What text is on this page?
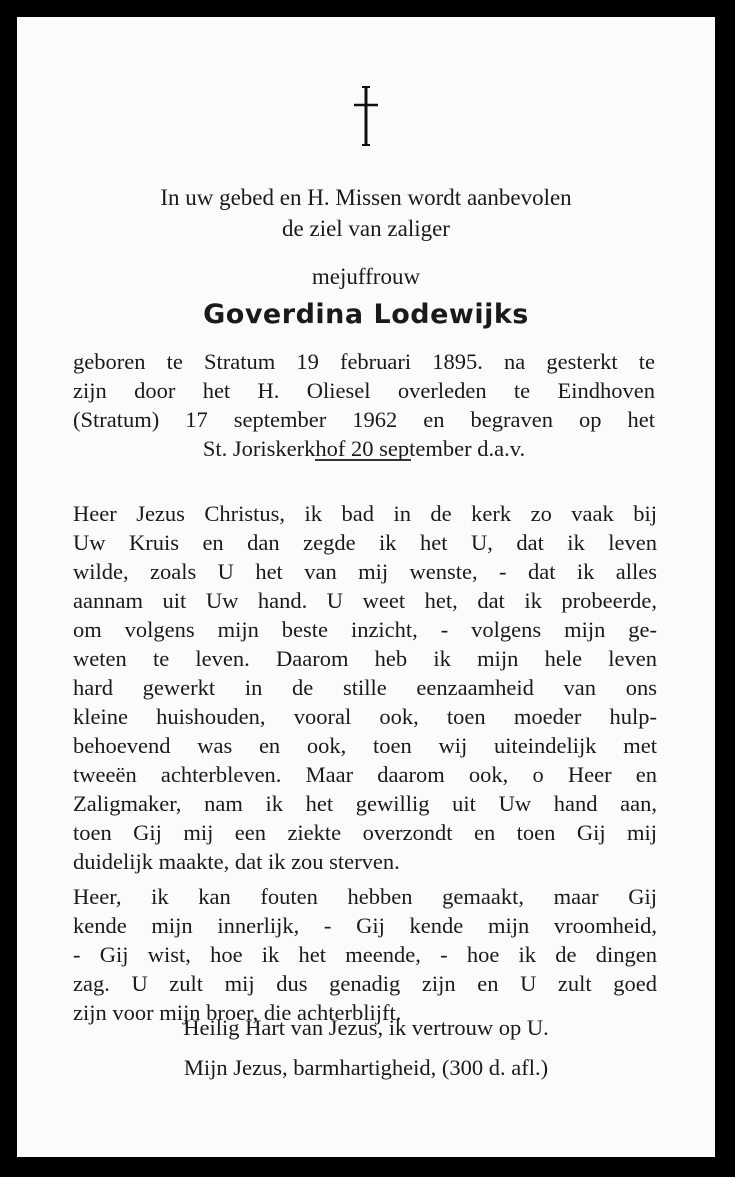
In uw gebed en H. Missen wordt aanbevolen
de ziel van zaliger
mejuffrouw
Goverdina Lodewijks
geboren te Stratum 19 februari 1895. na gesterkt te
zijn door het H. Oliesel overleden te Eindhoven
(Stratum) 17 september 1962 en begraven op het
St. Joriskerkhof 20 september d.a.v.
Heer Jezus Christus, ik bad in de kerk zo vaak bij
Uw Kruis en dan zegde ik het U, dat ik leven
wilde, zoals U het van mij wenste, - dat ik alles
aannam uit Uw hand. U weet het, dat ik probeerde,
om volgens mijn beste inzicht, - volgens mijn ge-
weten te leven. Daarom heb ik mijn hele leven
hard gewerkt in de stille eenzaamheid van ons
kleine huishouden, vooral ook, toen moeder hulp-
behoevend was en ook, toen wij uiteindelijk met
tweeën achterbleven. Maar daarom ook, o Heer en
Zaligmaker, nam ik het gewillig uit Uw hand aan,
toen Gij mij een ziekte overzondt en toen Gij mij
duidelijk maakte, dat ik zou sterven.
Heer, ik kan fouten hebben gemaakt, maar Gij
kende mijn innerlijk, - Gij kende mijn vroomheid,
- Gij wist, hoe ik het meende, - hoe ik de dingen
zag. U zult mij dus genadig zijn en U zult goed
zijn voor mijn broer, die achterblijft.
Heilig Hart van Jezus, ik vertrouw op U.
Mijn Jezus, barmhartigheid, (300 d. afl.)
